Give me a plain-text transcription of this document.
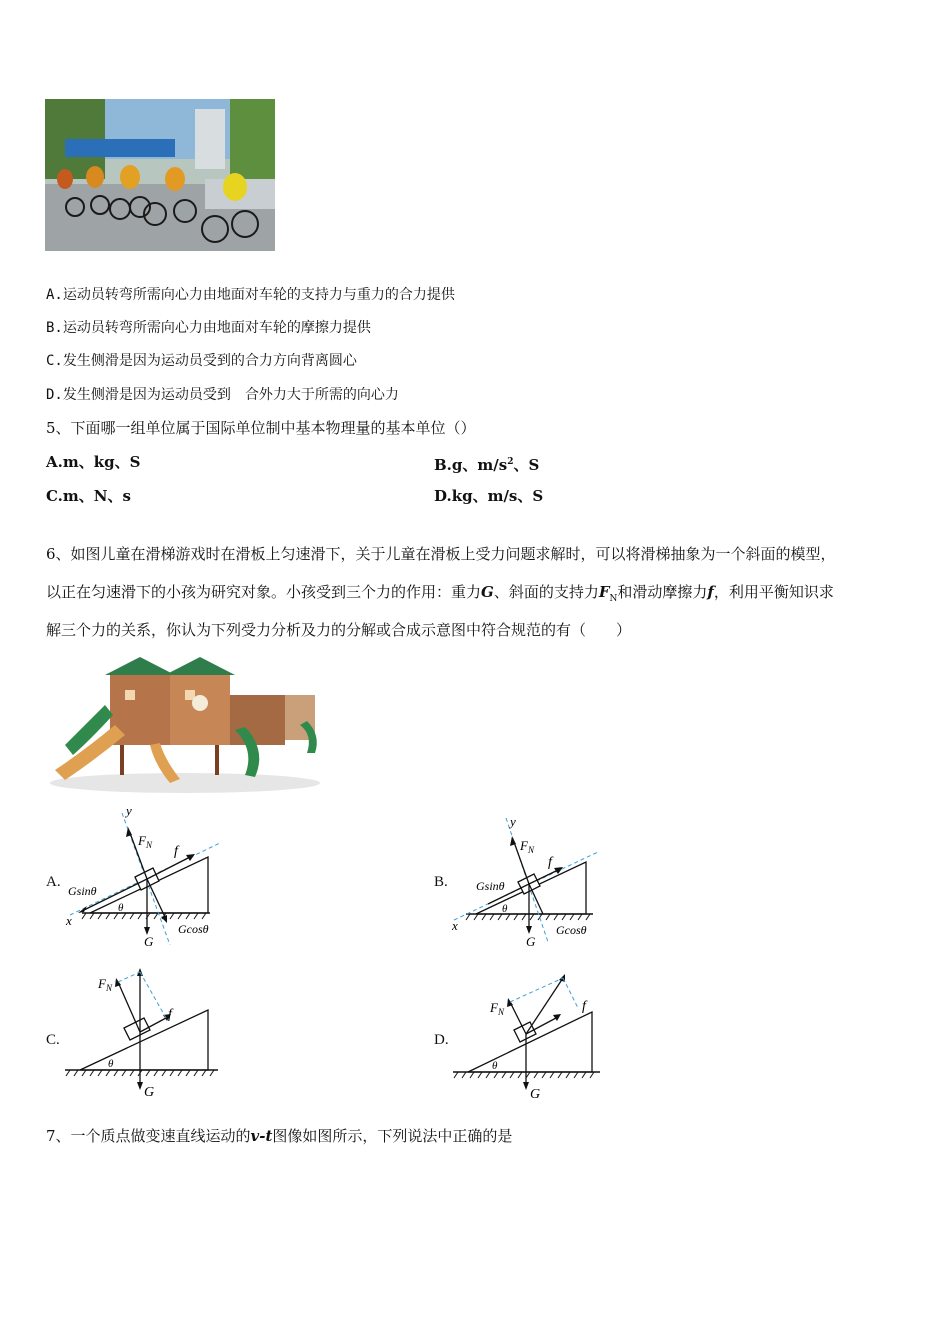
A.运动员转弯所需向心力由地面对车轮的支持力与重力的合力提供
B.运动员转弯所需向心力由地面对车轮的摩擦力提供
C.发生侧滑是因为运动员受到的合力方向背离圆心
D.发生侧滑是因为运动员受到　合外力大于所需的向心力
5、下面哪一组单位属于国际单位制中基本物理量的基本单位（）
A.m、kg、S	B.g、$m/s^2$、S
C.m、N、s	D.kg、m/s、S
6、如图儿童在滑梯游戏时在滑板上匀速滑下，关于儿童在滑板上受力问题求解时，可以将滑梯抽象为一个斜面的模型，
以正在匀速滑下的小孩为研究对象。小孩受到三个力的作用：重力G、斜面的支持力$F_N$和滑动摩擦力f，利用平衡知识求
解三个力的关系，你认为下列受力分析及力的分解或合成示意图中符合规范的有（　　）
A.	B.
C.	D.
y
x
$F_N$ f
G
Gsinθ
Gcosθ
θ
y
x
$F_N$
f
G
Gsinθ
Gcosθ
θ
$F_N$
f
G
θ
$F_N$	f
G
θ
7、一个质点做变速直线运动的v-t图像如图所示，下列说法中正确的是
